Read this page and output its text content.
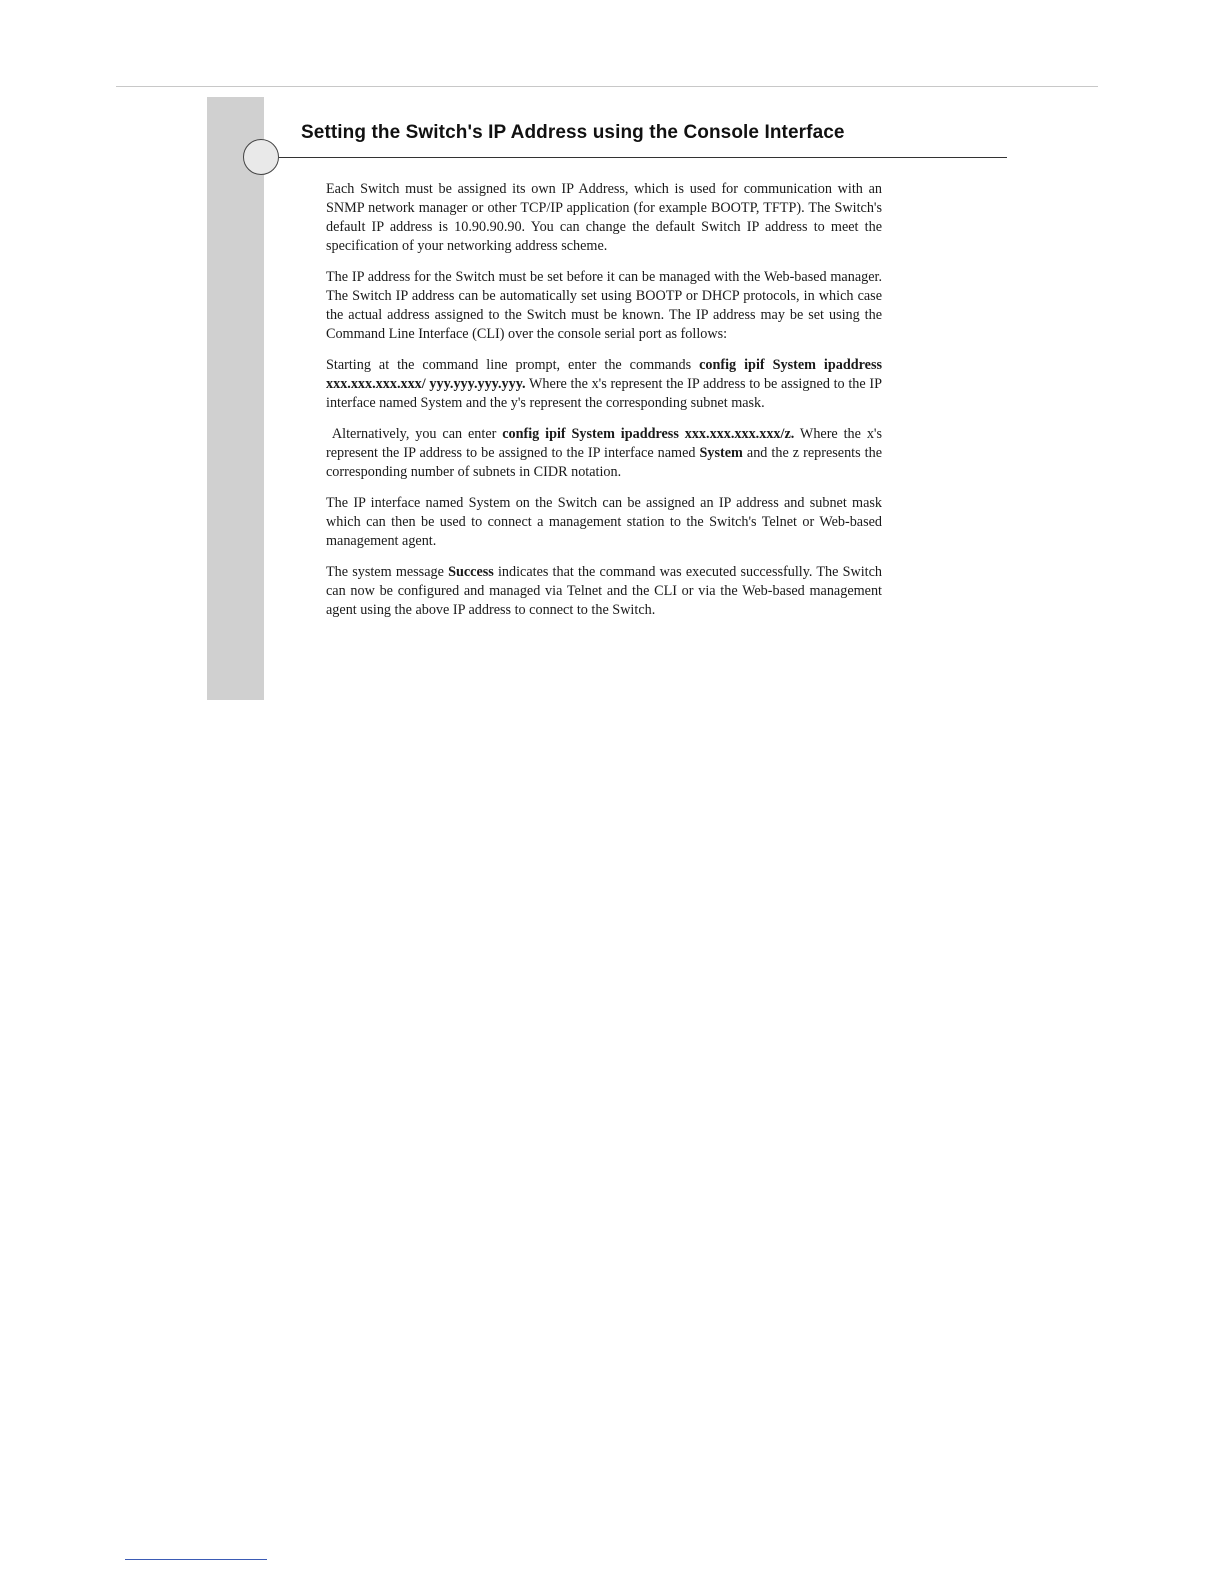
Setting the Switch's IP Address using the Console Interface

Each Switch must be assigned its own IP Address, which is used for communication with an SNMP network manager or other TCP/IP application (for example BOOTP, TFTP). The Switch's default IP address is 10.90.90.90. You can change the default Switch IP address to meet the specification of your networking address scheme.

The IP address for the Switch must be set before it can be managed with the Web-based manager. The Switch IP address can be automatically set using BOOTP or DHCP protocols, in which case the actual address assigned to the Switch must be known. The IP address may be set using the Command Line Interface (CLI) over the console serial port as follows:

Starting at the command line prompt, enter the commands config ipif System ipaddress xxx.xxx.xxx.xxx/ yyy.yyy.yyy.yyy. Where the x's represent the IP address to be assigned to the IP interface named System and the y's represent the corresponding subnet mask.

Alternatively, you can enter config ipif System ipaddress xxx.xxx.xxx.xxx/z. Where the x's represent the IP address to be assigned to the IP interface named System and the z represents the corresponding number of subnets in CIDR notation.

The IP interface named System on the Switch can be assigned an IP address and subnet mask which can then be used to connect a management station to the Switch's Telnet or Web-based management agent.

The system message Success indicates that the command was executed successfully. The Switch can now be configured and managed via Telnet and the CLI or via the Web-based management agent using the above IP address to connect to the Switch.
